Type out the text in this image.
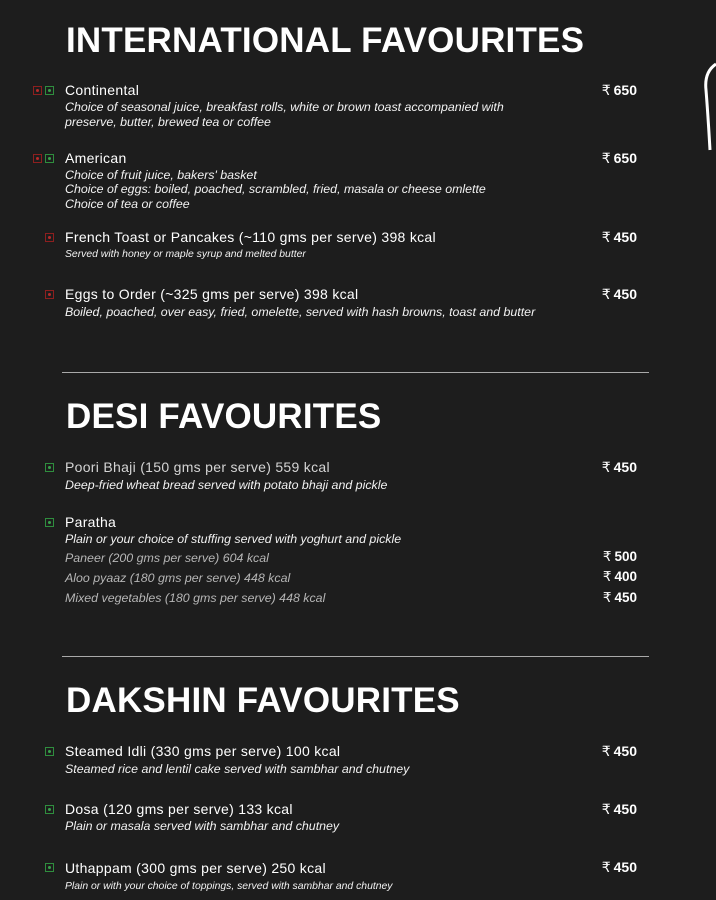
INTERNATIONAL FAVOURITES
Continental
Choice of seasonal juice, breakfast rolls, white or brown toast accompanied with
preserve, butter, brewed tea or coffee
₹ 650
American
Choice of fruit juice, bakers' basket
Choice of eggs: boiled, poached, scrambled, fried, masala or cheese omlette
Choice of tea or coffee
₹ 650
French Toast or Pancakes (~110 gms per serve) 398 kcal
Served with honey or maple syrup and melted butter
₹ 450
Eggs to Order (~325 gms per serve) 398 kcal
Boiled, poached, over easy, fried, omelette, served with hash browns, toast and butter
₹ 450
DESI FAVOURITES
Poori Bhaji (150 gms per serve) 559 kcal
Deep-fried wheat bread served with potato bhaji and pickle
₹ 450
Paratha
Plain or your choice of stuffing served with yoghurt and pickle
Paneer (200 gms per serve) 604 kcal	₹ 500
Aloo pyaaz (180 gms per serve) 448 kcal	₹ 400
Mixed vegetables (180 gms per serve) 448 kcal	₹ 450
DAKSHIN FAVOURITES
Steamed Idli (330 gms per serve) 100 kcal
Steamed rice and lentil cake served with sambhar and chutney
₹ 450
Dosa (120 gms per serve) 133 kcal
Plain or masala served with sambhar and chutney
₹ 450
Uthappam (300 gms per serve) 250 kcal
Plain or with your choice of toppings, served with sambhar and chutney
₹ 450
